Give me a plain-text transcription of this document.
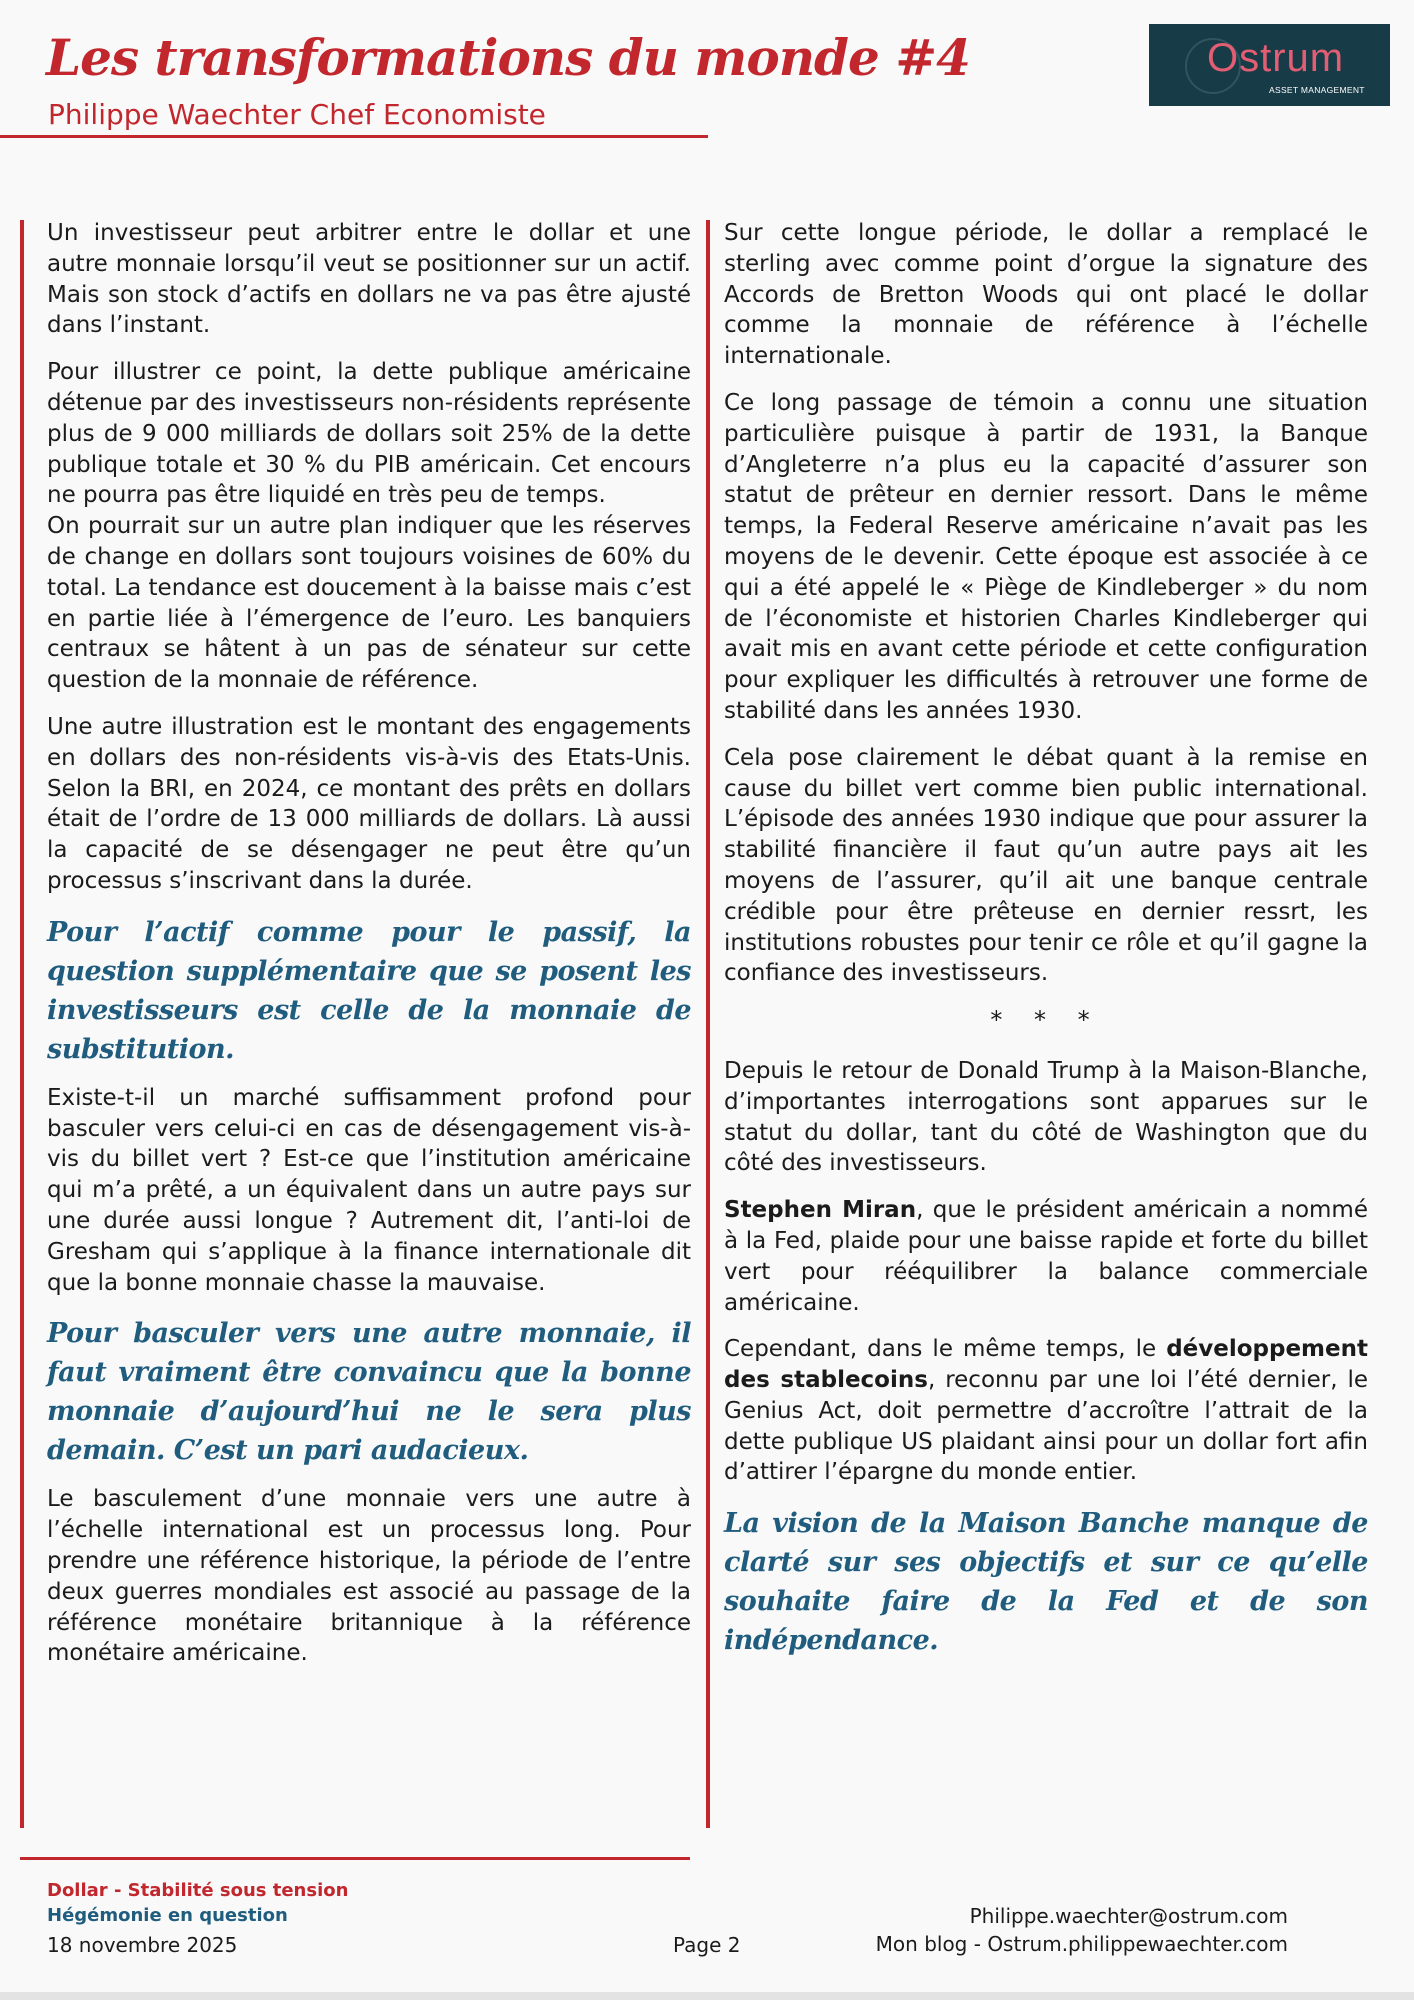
Les transformations du monde #4
Philippe Waechter Chef Economiste
Ostrum
ASSET MANAGEMENT

Un investisseur peut arbitrer entre le dollar et une autre monnaie lorsqu’il veut se positionner sur un actif. Mais son stock d’actifs en dollars ne va pas être ajusté dans l’instant.

Pour illustrer ce point, la dette publique américaine détenue par des investisseurs non-résidents représente plus de 9 000 milliards de dollars soit 25% de la dette publique totale et 30 % du PIB américain. Cet encours ne pourra pas être liquidé en très peu de temps.

On pourrait sur un autre plan indiquer que les réserves de change en dollars sont toujours voisines de 60% du total. La tendance est doucement à la baisse mais c’est en partie liée à l’émergence de l’euro. Les banquiers centraux se hâtent à un pas de sénateur sur cette question de la monnaie de référence.

Une autre illustration est le montant des engagements en dollars des non-résidents vis-à-vis des Etats-Unis. Selon la BRI, en 2024, ce montant des prêts en dollars était de l’ordre de 13 000 milliards de dollars. Là aussi la capacité de se désengager ne peut être qu’un processus s’inscrivant dans la durée.

Pour l’actif comme pour le passif, la question supplémentaire que se posent les investisseurs est celle de la monnaie de substitution.

Existe-t-il un marché suffisamment profond pour basculer vers celui-ci en cas de désengagement vis-à-vis du billet vert ? Est-ce que l’institution américaine qui m’a prêté, a un équivalent dans un autre pays sur une durée aussi longue ? Autrement dit, l’anti-loi de Gresham qui s’applique à la finance internationale dit que la bonne monnaie chasse la mauvaise.

Pour basculer vers une autre monnaie, il faut vraiment être convaincu que la bonne monnaie d’aujourd’hui ne le sera plus demain. C’est un pari audacieux.

Le basculement d’une monnaie vers une autre à l’échelle international est un processus long. Pour prendre une référence historique, la période de l’entre deux guerres mondiales est associé au passage de la référence monétaire britannique à la référence monétaire américaine.

Sur cette longue période, le dollar a remplacé le sterling avec comme point d’orgue la signature des Accords de Bretton Woods qui ont placé le dollar comme la monnaie de référence à l’échelle internationale.

Ce long passage de témoin a connu une situation particulière puisque à partir de 1931, la Banque d’Angleterre n’a plus eu la capacité d’assurer son statut de prêteur en dernier ressort. Dans le même temps, la Federal Reserve américaine n’avait pas les moyens de le devenir. Cette époque est associée à ce qui a été appelé le « Piège de Kindleberger » du nom de l’économiste et historien Charles Kindleberger qui avait mis en avant cette période et cette configuration pour expliquer les difficultés à retrouver une forme de stabilité dans les années 1930.

Cela pose clairement le débat quant à la remise en cause du billet vert comme bien public international. L’épisode des années 1930 indique que pour assurer la stabilité financière il faut qu’un autre pays ait les moyens de l’assurer, qu’il ait une banque centrale crédible pour être prêteuse en dernier ressrt, les institutions robustes pour tenir ce rôle et qu’il gagne la confiance des investisseurs.

* * *

Depuis le retour de Donald Trump à la Maison-Blanche, d’importantes interrogations sont apparues sur le statut du dollar, tant du côté de Washington que du côté des investisseurs.

Stephen Miran, que le président américain a nommé à la Fed, plaide pour une baisse rapide et forte du billet vert pour rééquilibrer la balance commerciale américaine.

Cependant, dans le même temps, le développement des stablecoins, reconnu par une loi l’été dernier, le Genius Act, doit permettre d’accroître l’attrait de la dette publique US plaidant ainsi pour un dollar fort afin d’attirer l’épargne du monde entier.

La vision de la Maison Banche manque de clarté sur ses objectifs et sur ce qu’elle souhaite faire de la Fed et de son indépendance.
Dollar - Stabilité sous tension
Hégémonie en question
18 novembre 2025	Page 2
Philippe.waechter@ostrum.com
Mon blog - Ostrum.philippewaechter.com
